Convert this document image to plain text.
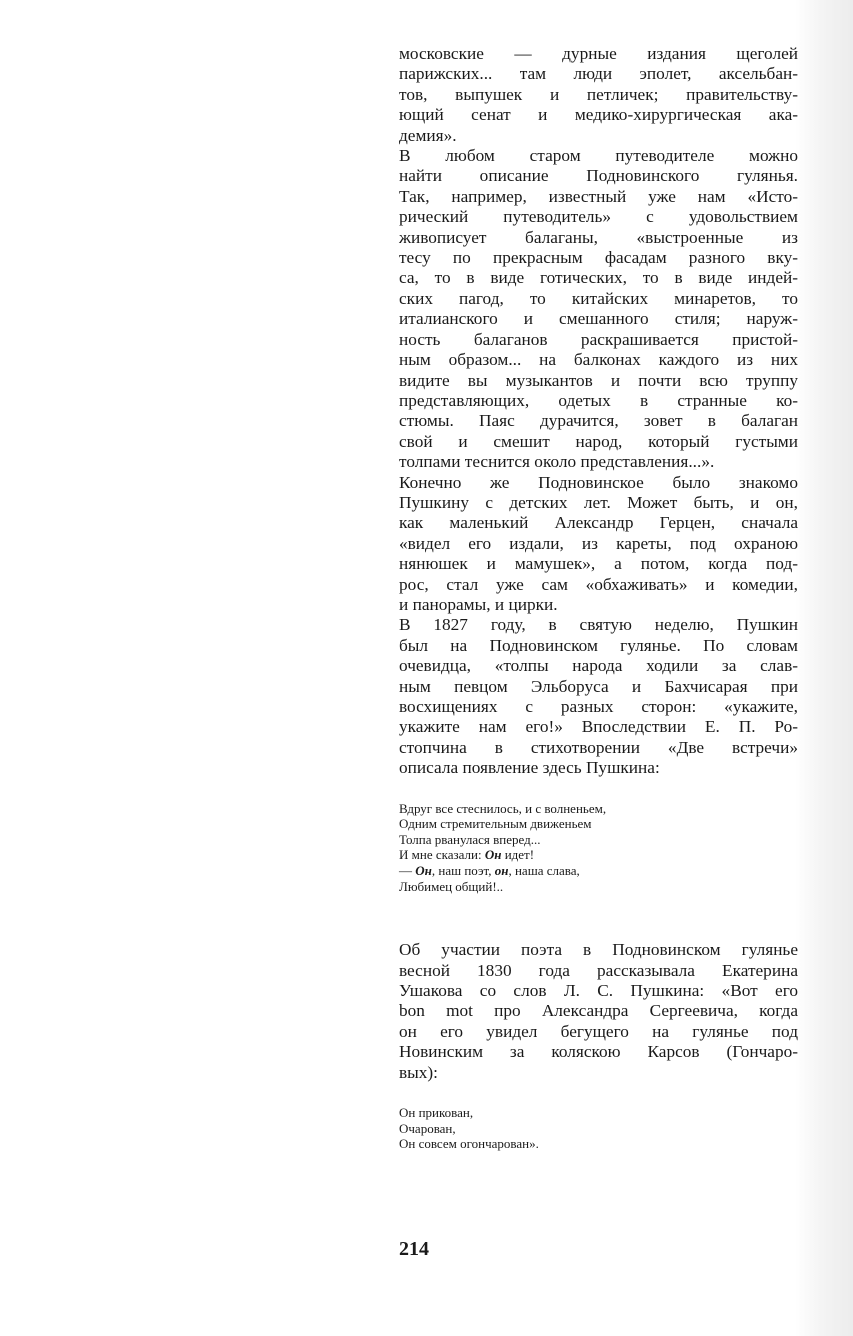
московские — дурные издания щеголей
парижских... там люди эполет, аксельбан-
тов, выпушек и петличек; правительству-
ющий сенат и медико-хирургическая ака-
демия».

В любом старом путеводителе можно
найти описание Подновинского гулянья.
Так, например, известный уже нам «Исто-
рический путеводитель» с удовольствием
живописует балаганы, «выстроенные из
тесу по прекрасным фасадам разного вку-
са, то в виде готических, то в виде индей-
ских пагод, то китайских минаретов, то
италианского и смешанного стиля; наруж-
ность балаганов раскрашивается пристой-
ным образом... на балконах каждого из них
видите вы музыкантов и почти всю труппу
представляющих, одетых в странные ко-
стюмы. Паяс дурачится, зовет в балаган
свой и смешит народ, который густыми
толпами теснится около представления...».

Конечно же Подновинское было знакомо
Пушкину с детских лет. Может быть, и он,
как маленький Александр Герцен, сначала
«видел его издали, из кареты, под охраною
нянюшек и мамушек», а потом, когда под-
рос, стал уже сам «обхаживать» и комедии,
и панорамы, и цирки.

В 1827 году, в святую неделю, Пушкин
был на Подновинском гулянье. По словам
очевидца, «толпы народа ходили за слав-
ным певцом Эльборуса и Бахчисарая при
восхищениях с разных сторон: «укажите,
укажите нам его!» Впоследствии Е. П. Ро-
стопчина в стихотворении «Две встречи»
описала появление здесь Пушкина:

Вдруг все стеснилось, и с волненьем,
Одним стремительным движеньем
Толпа рванулася вперед...
И мне сказали: Он идет!
— Он, наш поэт, он, наша слава,
Любимец общий!..

Об участии поэта в Подновинском гулянье
весной 1830 года рассказывала Екатерина
Ушакова со слов Л. С. Пушкина: «Вот его
bon mot про Александра Сергеевича, когда
он его увидел бегущего на гулянье под
Новинским за коляскою Карсов (Гончаро-
вых):

Он прикован,
Очарован,
Он совсем огончарован».
214
